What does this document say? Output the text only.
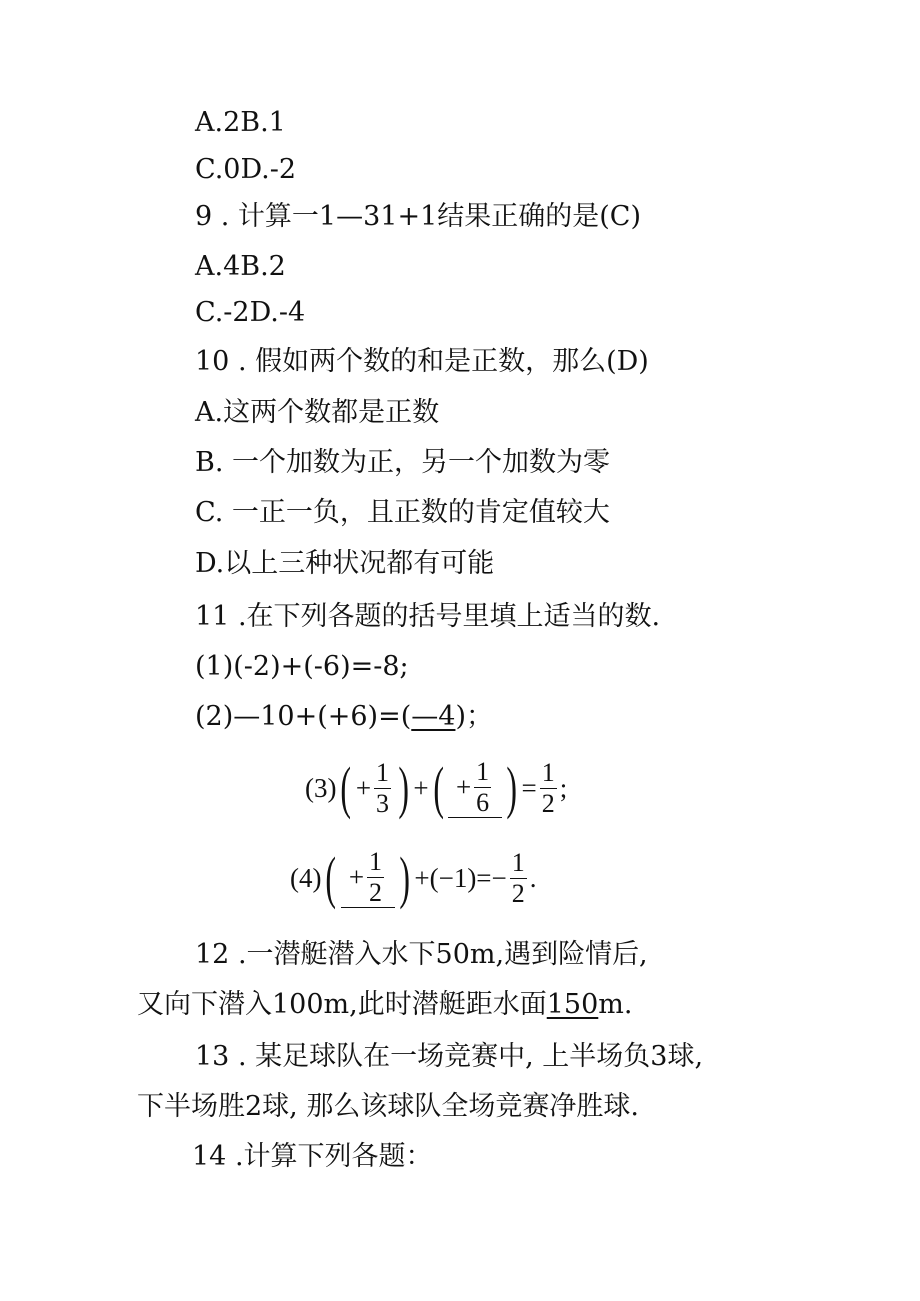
A.2B.1
C.0D.-2
9 . 计算一1—31+1结果正确的是(C)
A.4B.2
C.-2D.-4
10 . 假如两个数的和是正数，那么(D)
A.这两个数都是正数
B. 一个加数为正，另一个加数为零
C. 一正一负，且正数的肯定值较大
D.以上三种状况都有可能
11 .在下列各题的括号里填上适当的数.
(1)(-2)+(-6)=-8;
(2)—10+(+6)=(—4)；
(3) ( + $\frac{1}{3}$ ) + ( + $\frac{1}{6}$ ) = $\frac{1}{2}$ ;
(4) ( + $\frac{1}{2}$ ) $+(-1)=- \frac{1}{2}$ .
12 .一潜艇潜入水下50m,遇到险情后,
又向下潜入100m,此时潜艇距水面150m.
13 . 某足球队在一场竞赛中, 上半场负3球,
下半场胜2球, 那么该球队全场竞赛净胜球.
14 .计算下列各题：
